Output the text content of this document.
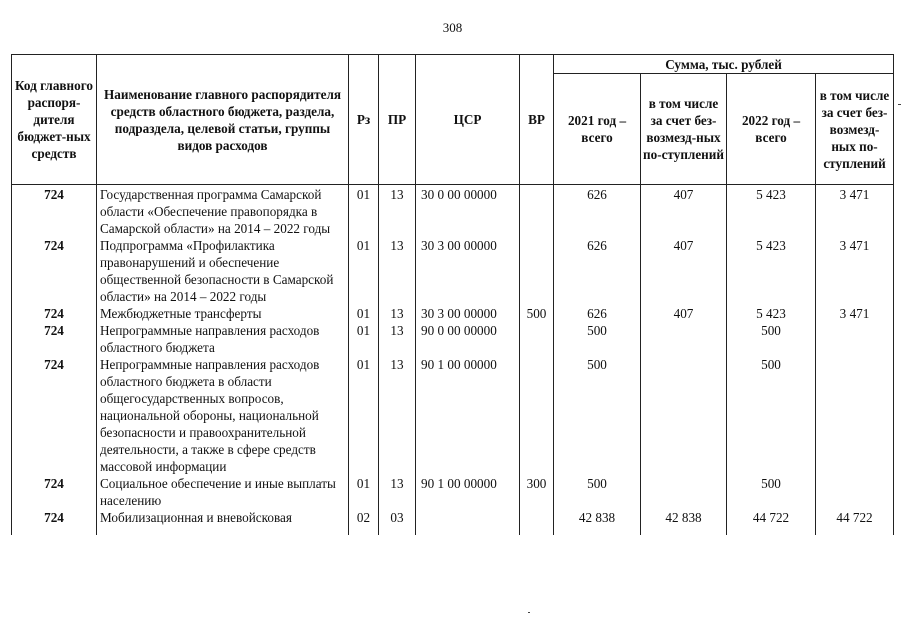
308
Код главного распоря-дителя бюджет-ных средств	Наименование главного распорядителя средств областного бюджета, раздела, подраздела, целевой статьи, группы видов расходов	Рз	ПР	ЦСР	ВР	Сумма, тыс. рублей			
						2021 год – всего	в том числе за счет без-возмезд-ных по-ступлений	2022 год – всего	в том числе за счет без-возмезд-ных по-ступлений
724	Государственная программа Самарской области «Обеспечение правопорядка в Самарской области» на 2014 – 2022 годы	01	13	30 0 00 00000		626	407	5 423	3 471
724	Подпрограмма «Профилактика правонарушений и обеспечение общественной безопасности в Самарской области» на 2014 – 2022 годы	01	13	30 3 00 00000		626	407	5 423	3 471
724	Межбюджетные трансферты	01	13	30 3 00 00000	500	626	407	5 423	3 471
724	Непрограммные направления расходов областного бюджета	01	13	90 0 00 00000		500		500	
724	Непрограммные направления расходов областного бюджета в области общегосударственных вопросов, национальной обороны, национальной безопасности и правоохранительной деятельности, а также в сфере средств массовой информации	01	13	90 1 00 00000		500		500	
724	Социальное обеспечение и иные выплаты населению	01	13	90 1 00 00000	300	500		500	
724	Мобилизационная и вневойсковая	02	03			42 838	42 838	44 722	44 722
